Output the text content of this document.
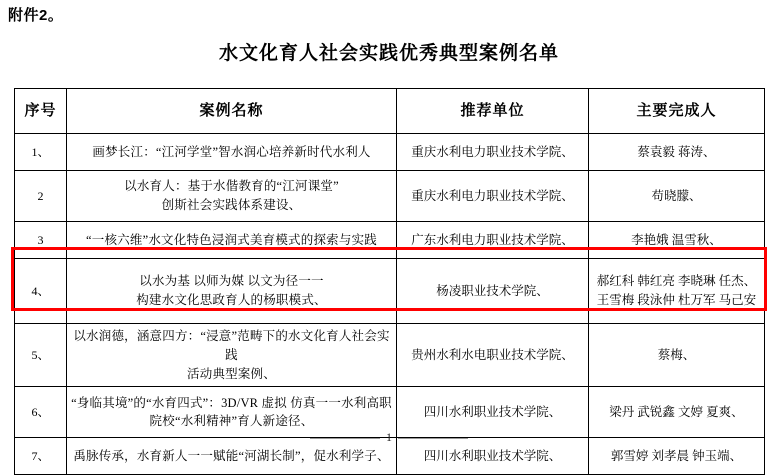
附件2。
水文化育人社会实践优秀典型案例名单
序号	案例名称	推荐单位	主要完成人
1、	画梦长江：“江河学堂”智水润心培养新时代水利人	重庆水利电力职业技术学院、	蔡袁毅 蒋涛、
2	以水育人：基于水偕教育的“江河课堂”
创斯社会实践体系建设、	重庆水利电力职业技术学院、	苟晓朦、
3	“一核六维”水文化特色浸润式美育模式的探索与实践	广东水利电力职业技术学院、	李艳娥 温雪秋、
4、	以水为基 以师为媒 以文为径一一
构建水文化思政育人的杨职模式、	杨凌职业技术学院、	郝红科 韩红亮 李晓琳 任杰、
王雪梅 段泳仲 杜万军 马己安

5、	以水润德，涵意四方：“浸意”范畴下的水文化育人社会实践
活动典型案例、	贵州水利水电职业技术学院、	蔡梅、
6、	“身临其境”的“水育四式”：3D/VR 虚拟 仿真一一水利高职
院校“水利精神”育人新途径、	四川水利职业技术学院、	梁丹 武锐鑫 文婷 夏爽、
7、	禹脉传承，水育新人一一赋能“河湖长制”，促水利学子、	四川水利职业技术学院、	郭雪婷 刘孝晨 钟玉端、
1
